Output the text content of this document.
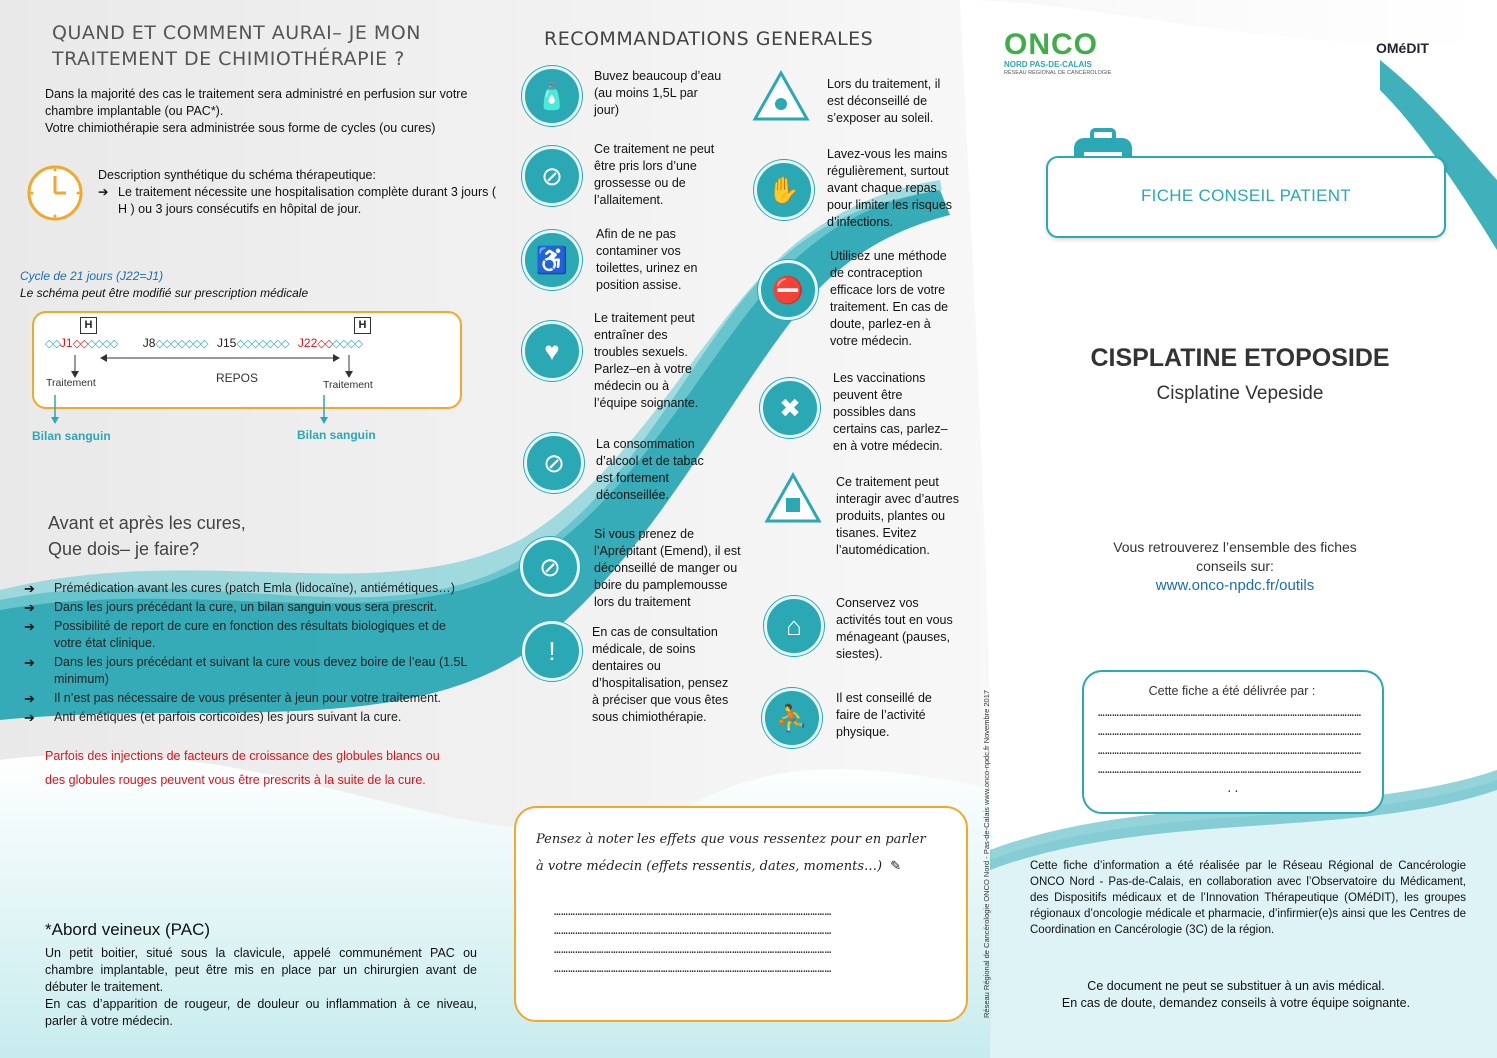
QUAND ET COMMENT AURAI– JE MON TRAITEMENT DE CHIMIOTHÉRAPIE ?
Dans la majorité des cas le traitement sera administré en perfusion sur votre chambre implantable (ou PAC*).
Votre chimiothérapie sera administrée sous forme de cycles (ou cures)
Description synthétique du schéma thérapeutique:
➔ Le traitement nécessite une hospitalisation complète durant 3 jours ( H ) ou 3 jours consécutifs en hôpital de jour.
Cycle de 21 jours (J22=J1)
Le schéma peut être modifié sur prescription médicale
H	H
◇◇J1◇◇◇◇◇◇ J8◇◇◇◇◇◇◇ J15◇◇◇◇◇◇◇ J22◇◇◇◇◇◇
REPOS
Traitement	Traitement
Bilan sanguin	Bilan sanguin
Avant et après les cures,
Que dois– je faire?
➔ Prémédication avant les cures (patch Emla (lidocaïne), antiémétiques…)
➔ Dans les jours précédant la cure, un bilan sanguin vous sera prescrit.
➔ Possibilité de report de cure en fonction des résultats biologiques et de votre état clinique.
➔ Dans les jours précédant et suivant la cure vous devez boire de l’eau (1.5L minimum)
➔ Il n’est pas nécessaire de vous présenter à jeun pour votre traitement.
➔ Anti émétiques (et parfois corticoïdes) les jours suivant la cure.
Parfois des injections de facteurs de croissance des globules blancs ou
des globules rouges peuvent vous être prescrits à la suite de la cure.
*Abord veineux (PAC)
Un petit boitier, situé sous la clavicule, appelé communément PAC ou chambre implantable, peut être mis en place par un chirurgien avant de débuter le traitement.
En cas d’apparition de rougeur, de douleur ou inflammation à ce niveau, parler à votre médecin.
RECOMMANDATIONS GENERALES
🧴
Buvez beaucoup d’eau (au moins 1,5L par jour)
⊘
Ce traitement ne peut être pris lors d’une grossesse ou de l’allaitement.
♿
Afin de ne pas contaminer vos toilettes, urinez en position assise.
♥
Le traitement peut entraîner des troubles sexuels. Parlez–en à votre médecin ou à l’équipe soignante.
⊘
La consommation d’alcool et de tabac est fortement déconseillée.
⊘
Si vous prenez de l’Aprépitant (Emend), il est déconseillé de manger ou boire du pamplemousse lors du traitement
!
En cas de consultation médicale, de soins dentaires ou d’hospitalisation, pensez à préciser que vous êtes sous chimiothérapie.
Lors du traitement, il est déconseillé de s’exposer au soleil.
✋
Lavez-vous les mains régulièrement, surtout avant chaque repas pour limiter les risques d’infections.
⛔
Utilisez une méthode de contraception efficace lors de votre traitement. En cas de doute, parlez-en à votre médecin.
✖
Les vaccinations peuvent être possibles dans certains cas, parlez– en à votre médecin.
Ce traitement peut interagir avec d’autres produits, plantes ou tisanes. Evitez l’automédication.
⌂
Conservez vos activités tout en vous ménageant (pauses, siestes).
⛹
Il est conseillé de faire de l’activité physique.
Pensez à noter les effets que vous ressentez pour en parler à votre médecin (effets ressentis, dates, moments…) ✎
………………………………………………………………………………………………………
………………………………………………………………………………………………………
………………………………………………………………………………………………………
………………………………………………………………………………………………………	Réseau Régional de Cancérologie ONCO Nord - Pas-de-Calais www.onco-npdc.fr Novembre 2017
ONCO
NORD PAS-DE-CALAIS
RÉSEAU RÉGIONAL DE CANCÉROLOGIE
OMéDIT
FICHE CONSEIL PATIENT
CISPLATINE ETOPOSIDE
Cisplatine Vepeside
Vous retrouverez l’ensemble des fiches conseils sur:
www.onco-npdc.fr/outils
Cette fiche a été délivrée par :
…………………………………………………………………………………………………
…………………………………………………………………………………………………
…………………………………………………………………………………………………
…………………………………………………………………………………………………
..
Cette fiche d’information a été réalisée par le Réseau Régional de Cancérologie ONCO Nord - Pas-de-Calais, en collaboration avec l’Observatoire du Médicament, des Dispositifs médicaux et de l’Innovation Thérapeutique (OMéDIT), les groupes régionaux d’oncologie médicale et pharmacie, d’infirmier(e)s ainsi que les Centres de Coordination en Cancérologie (3C) de la région.
Ce document ne peut se substituer à un avis médical.
En cas de doute, demandez conseils à votre équipe soignante.
